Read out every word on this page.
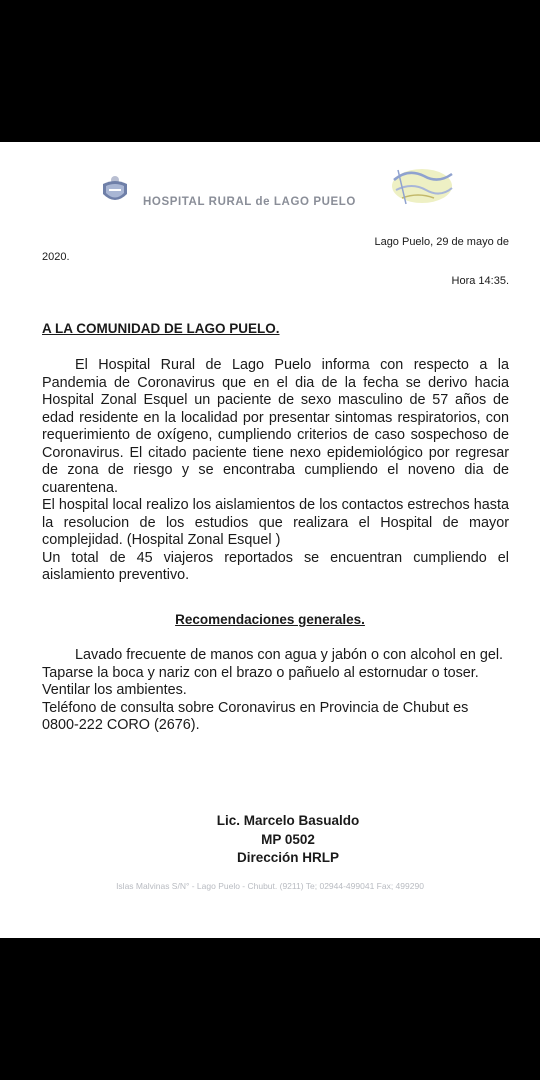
HOSPITAL RURAL de LAGO PUELO
Lago Puelo, 29 de mayo de
2020.
Hora 14:35.
A LA COMUNIDAD DE LAGO PUELO.

El Hospital Rural de Lago Puelo informa con respecto a la Pandemia de Coronavirus que en el dia de la fecha se derivo hacia Hospital Zonal Esquel un paciente de sexo masculino de 57 años de edad residente en la localidad por presentar sintomas respiratorios, con requerimiento de oxígeno, cumpliendo criterios de caso sospechoso de Coronavirus. El citado paciente tiene nexo epidemiológico por regresar de zona de riesgo y se encontraba cumpliendo el noveno dia de cuarentena.

El hospital local realizo los aislamientos de los contactos estrechos hasta la resolucion de los estudios que realizara el Hospital de mayor complejidad. (Hospital Zonal Esquel )

Un total de 45 viajeros reportados se encuentran cumpliendo el aislamiento preventivo.

Recomendaciones generales.

Lavado frecuente de manos con agua y jabón o con alcohol en gel.

Taparse la boca y nariz con el brazo o pañuelo al estornudar o toser.

Ventilar los ambientes.

Teléfono de consulta sobre Coronavirus en Provincia de Chubut es 0800-222 CORO (2676).

Lic. Marcelo Basualdo
MP 0502
Dirección HRLP
Islas Malvinas S/N° - Lago Puelo - Chubut. (9211) Te; 02944-499041 Fax; 499290
